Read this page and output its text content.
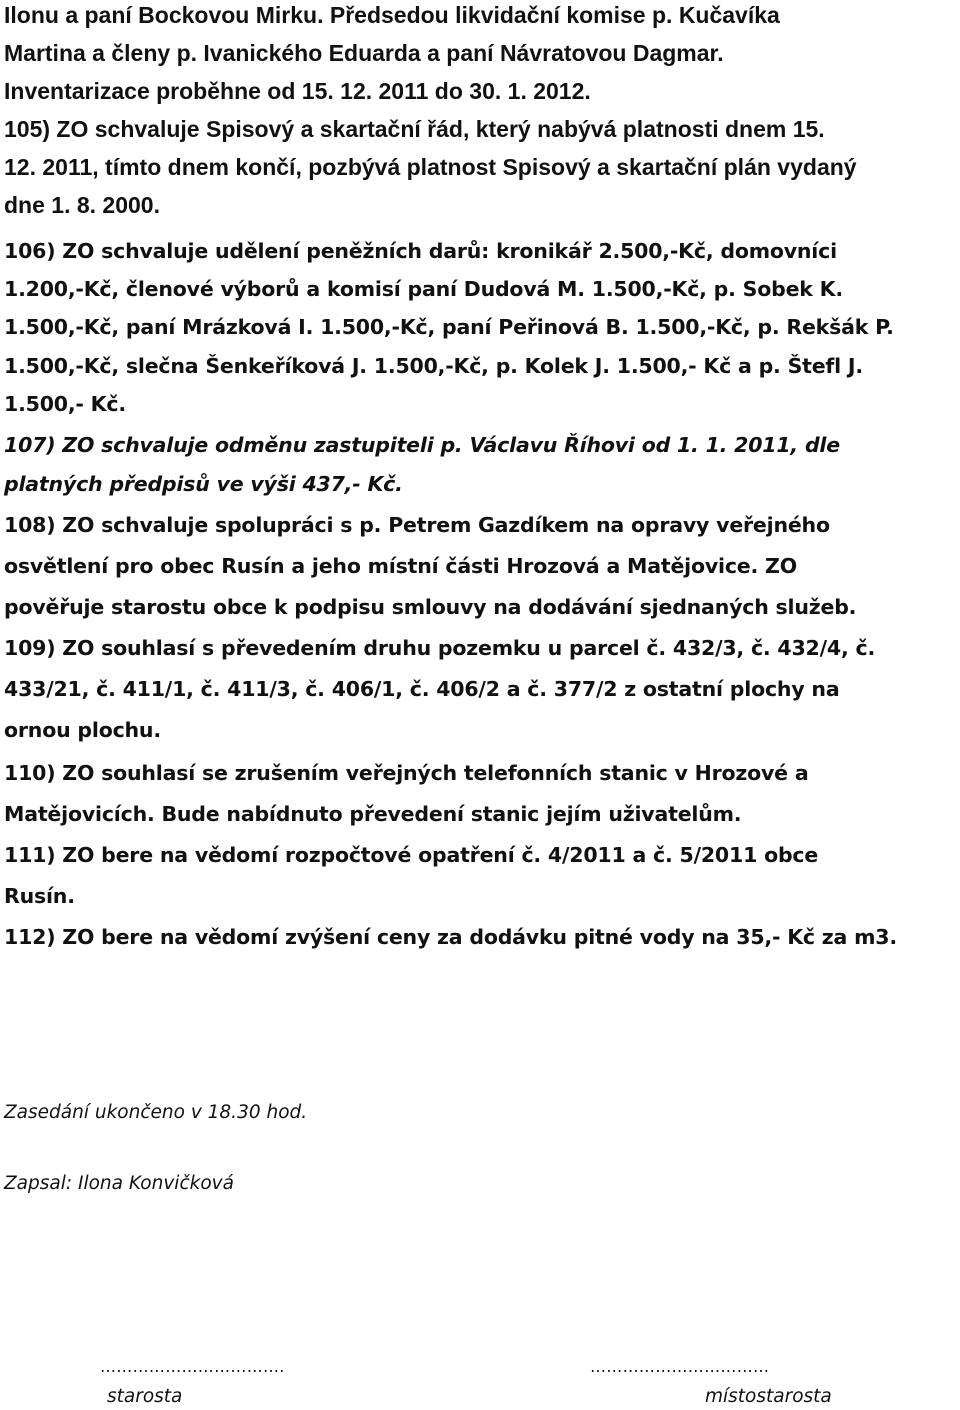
Ilonu a paní Bockovou Mirku. Předsedou likvidační komise p. Kučavíka
Martina a členy p. Ivanického Eduarda a paní Návratovou Dagmar.
Inventarizace proběhne od 15. 12. 2011 do 30. 1. 2012.
105) ZO schvaluje Spisový a skartační řád, který nabývá platnosti dnem 15.
12. 2011, tímto dnem končí, pozbývá platnost Spisový a skartační plán vydaný
dne 1. 8. 2000.
106) ZO schvaluje udělení peněžních darů: kronikář 2.500,-Kč, domovníci
1.200,-Kč, členové výborů a komisí paní Dudová M. 1.500,-Kč, p. Sobek K.
1.500,-Kč, paní Mrázková I. 1.500,-Kč, paní Peřinová B. 1.500,-Kč, p. Rekšák P.
1.500,-Kč, slečna Šenkeříková J. 1.500,-Kč, p. Kolek J. 1.500,- Kč a p. Štefl J.
1.500,- Kč.
107) ZO schvaluje odměnu zastupiteli p. Václavu Říhovi od 1. 1. 2011, dle
platných předpisů ve výši 437,- Kč.
108) ZO schvaluje spolupráci s p. Petrem Gazdíkem na opravy veřejného
osvětlení pro obec Rusín a jeho místní části Hrozová a Matějovice. ZO
pověřuje starostu obce k podpisu smlouvy na dodávání sjednaných služeb.
109) ZO souhlasí s převedením druhu pozemku u parcel č. 432/3, č. 432/4, č.
433/21, č. 411/1, č. 411/3, č. 406/1, č. 406/2 a č. 377/2 z ostatní plochy na
ornou plochu.
110) ZO souhlasí se zrušením veřejných telefonních stanic v Hrozové a
Matějovicích. Bude nabídnuto převedení stanic jejím uživatelům.
111) ZO bere na vědomí rozpočtové opatření č. 4/2011 a č. 5/2011 obce
Rusín.
112) ZO bere na vědomí zvýšení ceny za dodávku pitné vody na 35,- Kč za m3.
Zasedání ukončeno v 18.30 hod.
Zapsal: Ilona Konvičková
…………………………….
starosta
……………………………
místostarosta
